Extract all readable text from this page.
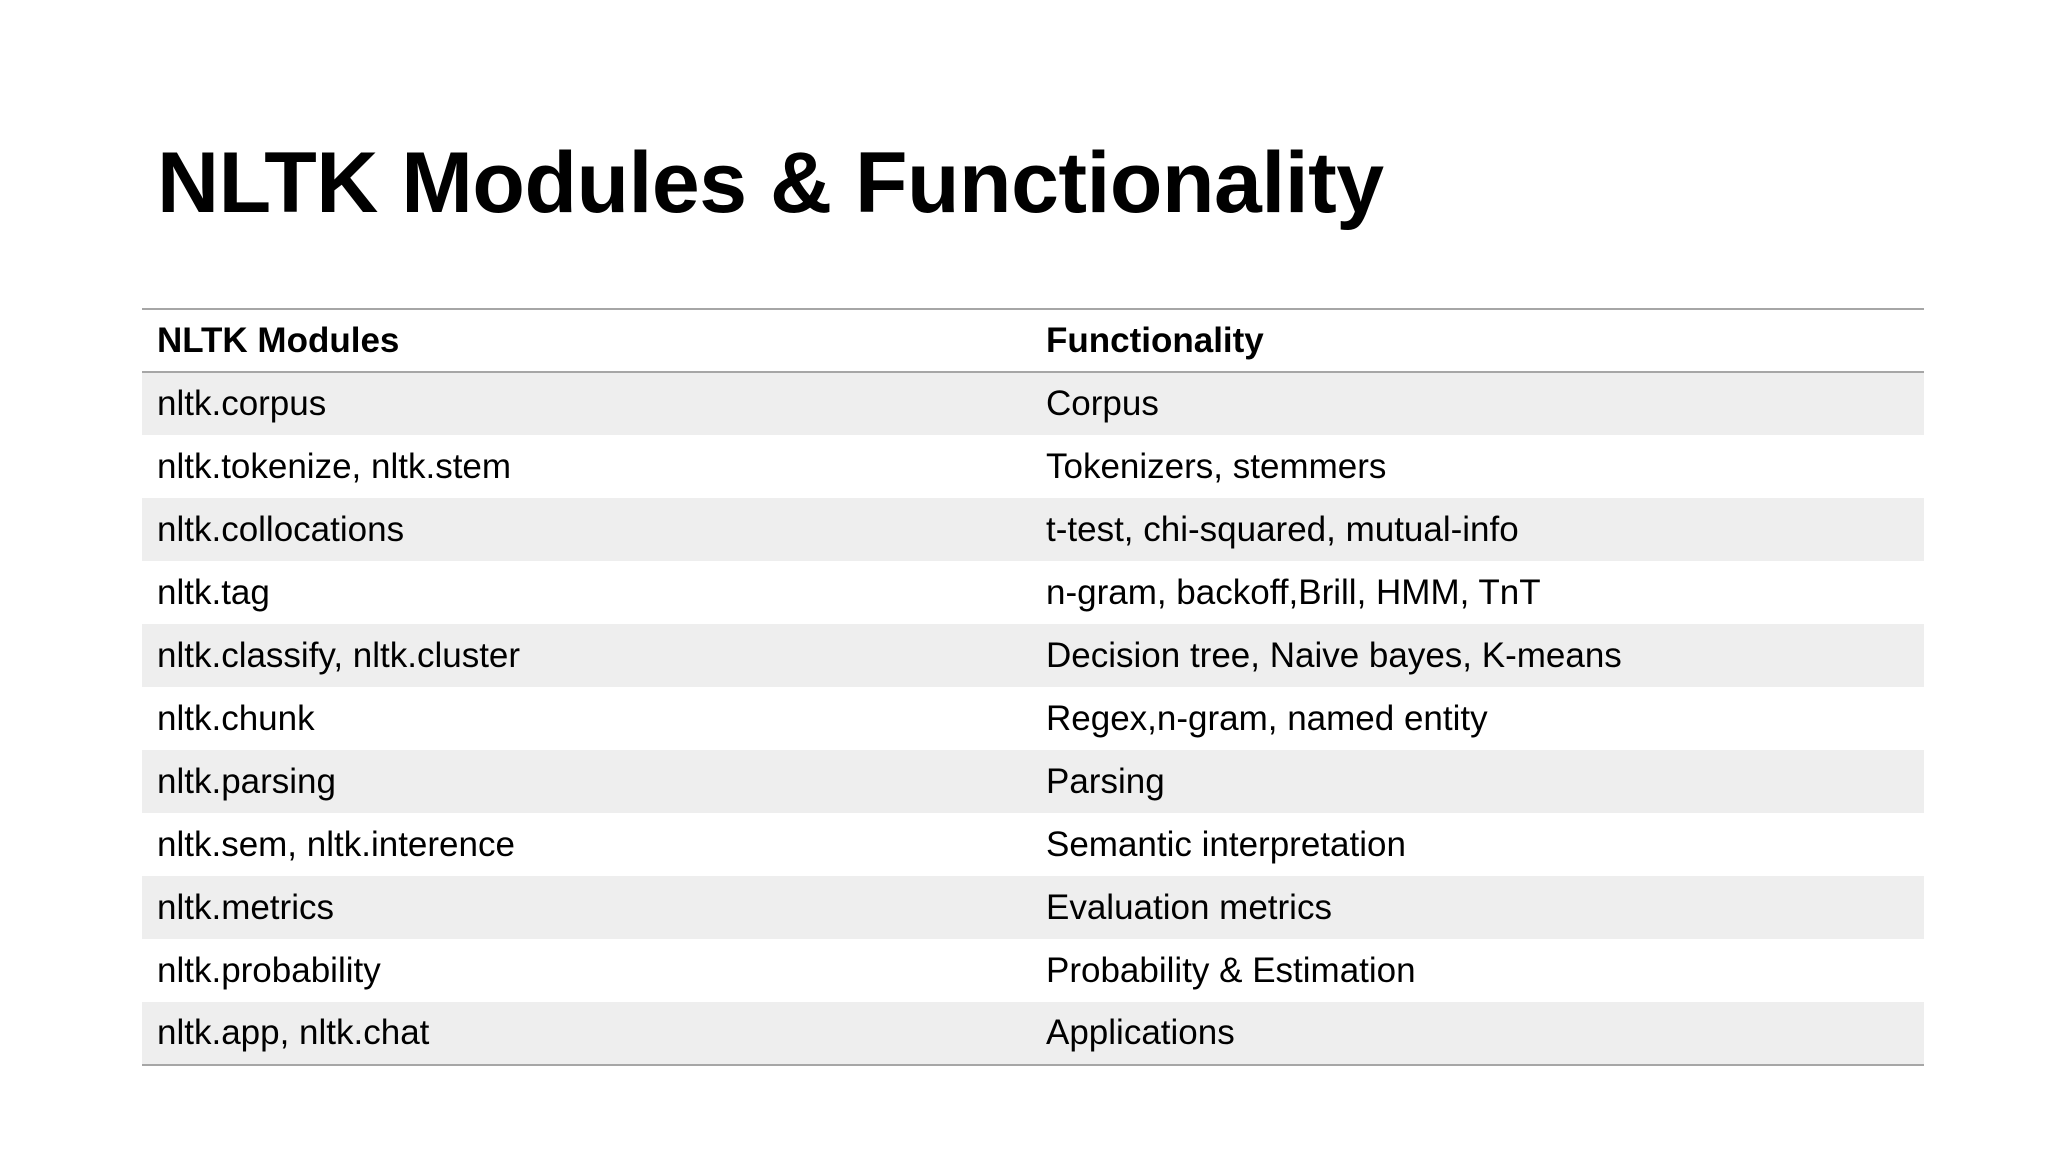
NLTK Modules & Functionality
NLTK Modules	Functionality
nltk.corpus	Corpus
nltk.tokenize, nltk.stem	Tokenizers, stemmers
nltk.collocations	t-test, chi-squared, mutual-info
nltk.tag	n-gram, backoff,Brill, HMM, TnT
nltk.classify, nltk.cluster	Decision tree, Naive bayes, K-means
nltk.chunk	Regex,n-gram, named entity
nltk.parsing	Parsing
nltk.sem, nltk.interence	Semantic interpretation
nltk.metrics	Evaluation metrics
nltk.probability	Probability & Estimation
nltk.app, nltk.chat	Applications
